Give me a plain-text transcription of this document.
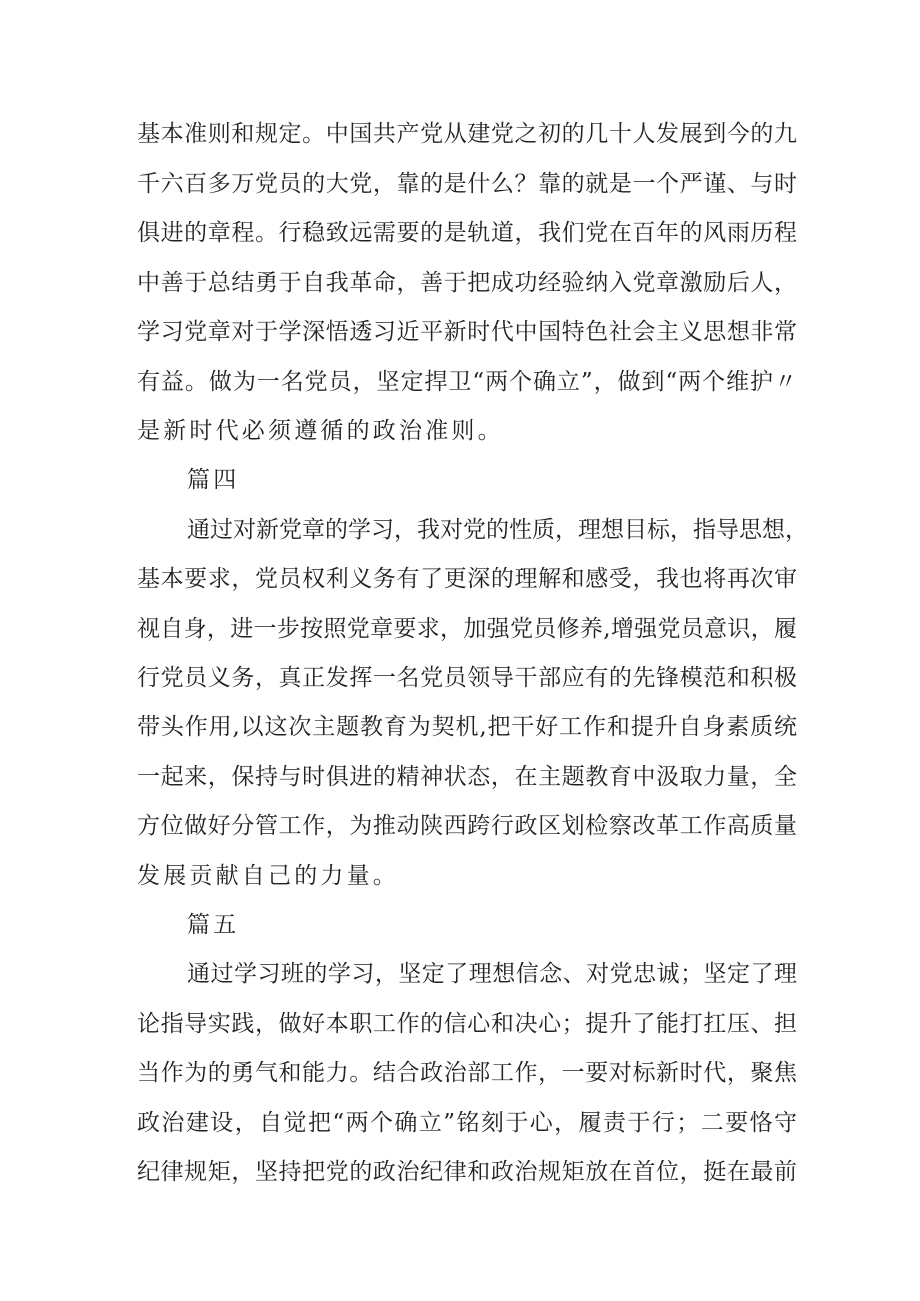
基本准则和规定。中国共产党从建党之初的几十人发展到今的九
千六百多万党员的大党，靠的是什么？靠的就是一个严谨、与时
俱进的章程。行稳致远需要的是轨道，我们党在百年的风雨历程
中善于总结勇于自我革命，善于把成功经验纳入党章激励后人，
学习党章对于学深悟透习近平新时代中国特色社会主义思想非常
有益。做为一名党员，坚定捍卫“两个确立”，做到“两个维护〃
是新时代必须遵循的政治准则。
篇四
通过对新党章的学习，我对党的性质，理想目标，指导思想，
基本要求，党员权利义务有了更深的理解和感受，我也将再次审
视自身，进一步按照党章要求，加强党员修养,增强党员意识，履
行党员义务，真正发挥一名党员领导干部应有的先锋模范和积极
带头作用,以这次主题教育为契机,把干好工作和提升自身素质统
一起来，保持与时俱进的精神状态，在主题教育中汲取力量，全
方位做好分管工作，为推动陕西跨行政区划检察改革工作高质量
发展贡献自己的力量。
篇五
通过学习班的学习，坚定了理想信念、对党忠诚；坚定了理
论指导实践，做好本职工作的信心和决心；提升了能打扛压、担
当作为的勇气和能力。结合政治部工作，一要对标新时代，聚焦
政治建设，自觉把“两个确立”铭刻于心，履责于行；二要恪守
纪律规矩，坚持把党的政治纪律和政治规矩放在首位，挺在最前
